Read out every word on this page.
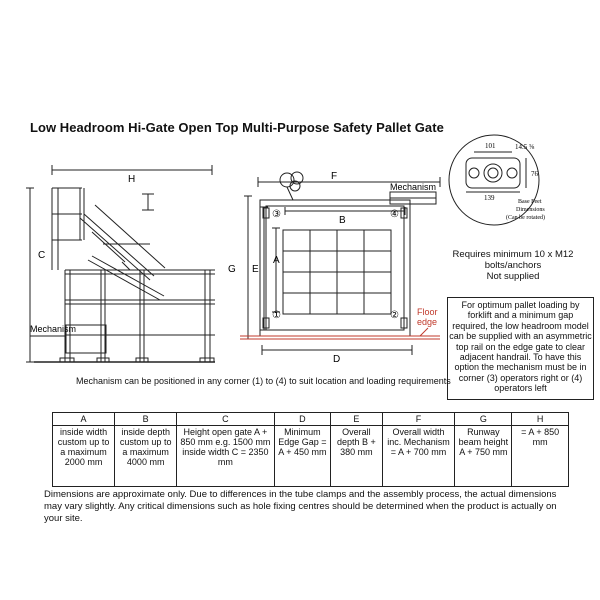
Low Headroom Hi-Gate Open Top Multi-Purpose Safety Pallet Gate
H
C
Mechanism
F
Mechanism
B
A
G E
D
①	②
③	④
Floor
edge
101	14.5 ⅝
76
139	Base Feet
Dimensions
(Can be rotated)
Requires minimum 10 x M12
bolts/anchors
Not supplied
For optimum pallet loading by forklift and a minimum gap required, the low headroom model can be supplied with an asymmetric top rail on the edge gate to clear adjacent handrail. To have this option the mechanism must be in corner (3) operators right or (4) operators left
Mechanism can be positioned in any corner (1) to (4) to suit location and loading requirements
A	B	C	D	E	F	G	H
inside width custom up to a maximum 2000 mm	inside depth custom up to a maximum 4000 mm	Height open gate A + 850 mm e.g. 1500 mm inside width C = 2350 mm	Minimum Edge Gap = A + 450 mm	Overall depth B + 380 mm	Overall width inc. Mechanism = A + 700 mm	Runway beam height A + 750 mm	= A + 850 mm
Dimensions are approximate only. Due to differences in the tube clamps and the assembly process, the actual dimensions may vary slightly. Any critical dimensions such as hole fixing centres should be determined when the product is actually on your site.
